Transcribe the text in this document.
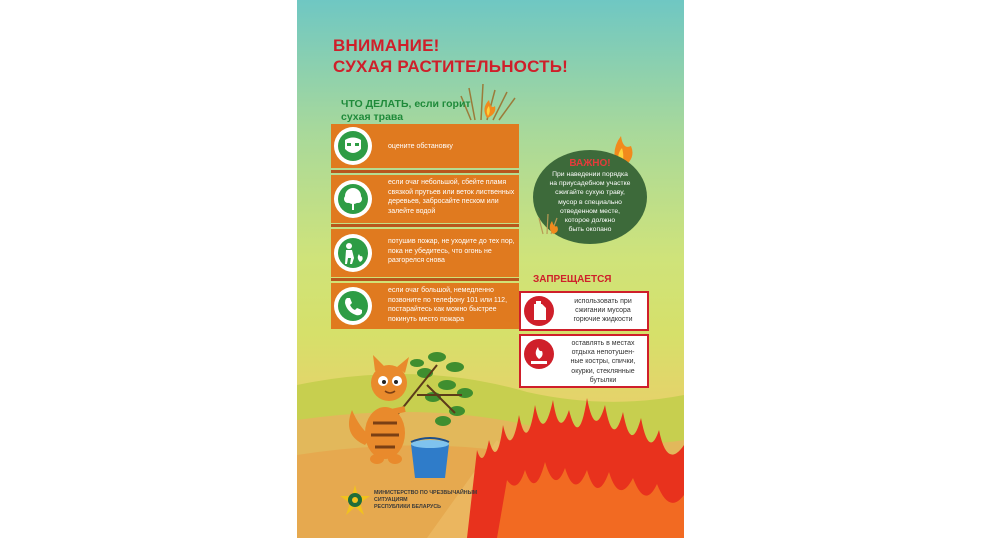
ВНИМАНИЕ!
СУХАЯ РАСТИТЕЛЬНОСТЬ!
ЧТО ДЕЛАТЬ, если горит
сухая трава
оцените обстановку
если очаг небольшой, сбейте пламя связкой прутьев или веток лиственных деревьев, забросайте песком или залейте водой
потушив пожар, не уходите до тех пор, пока не убедитесь, что огонь не разгорелся снова
если очаг большой, немедленно позвоните по телефону 101 или 112, постарайтесь как можно быстрее покинуть место пожара
ВАЖНО!
При наведении порядка
на приусадебном участке
сжигайте сухую траву,
мусор в специально
отведенном месте,
которое должно
быть окопано
ЗАПРЕЩАЕТСЯ
использовать при
сжигании мусора
горючие жидкости
оставлять в местах
отдыха непотушен-
ные костры, спички,
окурки, стеклянные
бутылки
МИНИСТЕРСТВО ПО ЧРЕЗВЫЧАЙНЫМ СИТУАЦИЯМ
РЕСПУБЛИКИ БЕЛАРУСЬ
